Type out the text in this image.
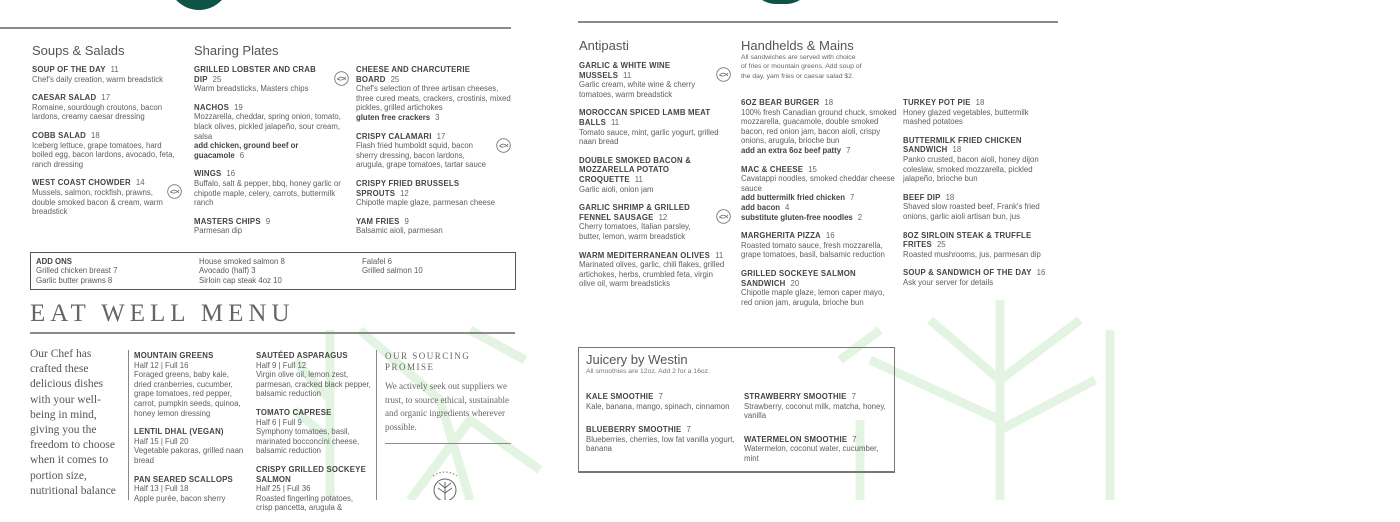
Soups & Salads
SOUP OF THE DAY 11
Chef's daily creation, warm breadstick
CAESAR SALAD 17
Romaine, sourdough croutons, bacon lardons, creamy caesar dressing
COBB SALAD 18
Iceberg lettuce, grape tomatoes, hard boiled egg, bacon lardons, avocado, feta, ranch dressing
WEST COAST CHOWDER 14
Mussels, salmon, rockfish, prawns, double smoked bacon & cream, warm breadstick
Sharing Plates
GRILLED LOBSTER AND CRAB DIP 25
Warm breadsticks, Masters chips
NACHOS 19
Mozzarella, cheddar, spring onion, tomato, black olives, pickled jalapeño, sour cream, salsa
add chicken, ground beef or guacamole 6
WINGS 16
Buffalo, salt & pepper, bbq, honey garlic or chipotle maple, celery, carrots, buttermilk ranch
MASTERS CHIPS 9
Parmesan dip
CHEESE AND CHARCUTERIE BOARD 25
Chef's selection of three artisan cheeses, three cured meats, crackers, crostinis, mixed pickles, grilled artichokes
gluten free crackers 3
CRISPY CALAMARI 17
Flash fried humboldt squid, bacon sherry dressing, bacon lardons, arugula, grape tomatoes, tartar sauce
CRISPY FRIED BRUSSELS SPROUTS 12
Chipotle maple glaze, parmesan cheese
YAM FRIES 9
Balsamic aioli, parmesan
ADD ONS
Grilled chicken breast 7
Garlic butter prawns 8
House smoked salmon 8
Avocado (half) 3
Sirloin cap steak 4oz 10
Falafel 6
Grilled salmon 10
EAT WELL MENU
Our Chef has crafted these delicious dishes with your well-being in mind, giving you the freedom to choose when it comes to portion size, nutritional balance
MOUNTAIN GREENS
Half 12 | Full 16
Foraged greens, baby kale, dried cranberries, cucumber, grape tomatoes, red pepper, carrot, pumpkin seeds, quinoa, honey lemon dressing
LENTIL DHAL (VEGAN)
Half 15 | Full 20
Vegetable pakoras, grilled naan bread
PAN SEARED SCALLOPS
Half 13 | Full 18
Apple purée, bacon sherry
SAUTÉED ASPARAGUS
Half 9 | Full 12
Virgin olive oil, lemon zest, parmesan, cracked black pepper, balsamic reduction
TOMATO CAPRESE
Half 6 | Full 9
Symphony tomatoes, basil, marinated bocconcini cheese, balsamic reduction
CRISPY GRILLED SOCKEYE SALMON
Half 25 | Full 36
Roasted fingerling potatoes, crisp pancetta, arugula &
OUR SOURCING PROMISE
We actively seek out suppliers we trust, to source ethical, sustainable and organic ingredients wherever possible.
Antipasti
GARLIC & WHITE WINE MUSSELS 11
Garlic cream, white wine & cherry tomatoes, warm breadstick
MOROCCAN SPICED LAMB MEAT BALLS 11
Tomato sauce, mint, garlic yogurt, grilled naan bread
DOUBLE SMOKED BACON & MOZZARELLA POTATO CROQUETTE 11
Garlic aioli, onion jam
GARLIC SHRIMP & GRILLED FENNEL SAUSAGE 12
Cherry tomatoes, Italian parsley, butter, lemon, warm breadstick
WARM MEDITERRANEAN OLIVES 11
Marinated olives, garlic, chili flakes, grilled artichokes, herbs, crumbled feta, virgin olive oil, warm breadsticks
Handhelds & Mains
All sandwiches are served with choice of fries or mountain greens. Add soup of the day, yam fries or caesar salad $2.
6OZ BEAR BURGER 18
100% fresh Canadian ground chuck, smoked mozzarella, guacamole, double smoked bacon, red onion jam, bacon aioli, crispy onions, arugula, brioche bun
add an extra 6oz beef patty 7
MAC & CHEESE 15
Cavatappi noodles, smoked cheddar cheese sauce
add buttermilk fried chicken 7
add bacon 4
substitute gluten-free noodles 2
MARGHERITA PIZZA 16
Roasted tomato sauce, fresh mozzarella, grape tomatoes, basil, balsamic reduction
GRILLED SOCKEYE SALMON SANDWICH 20
Chipotle maple glaze, lemon caper mayo, red onion jam, arugula, brioche bun
TURKEY POT PIE 18
Honey glazed vegetables, buttermilk mashed potatoes
BUTTERMILK FRIED CHICKEN SANDWICH 18
Panko crusted, bacon aioli, honey dijon coleslaw, smoked mozzarella, pickled jalapeño, brioche bun
BEEF DIP 18
Shaved slow roasted beef, Frank's fried onions, garlic aioli artisan bun, jus
8OZ SIRLOIN STEAK & TRUFFLE FRITES 25
Roasted mushrooms, jus, parmesan dip
SOUP & SANDWICH OF THE DAY 16
Ask your server for details
Juicery by Westin
All smoothies are 12oz. Add 2 for a 16oz.
KALE SMOOTHIE 7
Kale, banana, mango, spinach, cinnamon
BLUEBERRY SMOOTHIE 7
Blueberries, cherries, low fat vanilla yogurt, banana
STRAWBERRY SMOOTHIE 7
Strawberry, coconut milk, matcha, honey, vanilla
WATERMELON SMOOTHIE 7
Watermelon, coconut water, cucumber, mint
